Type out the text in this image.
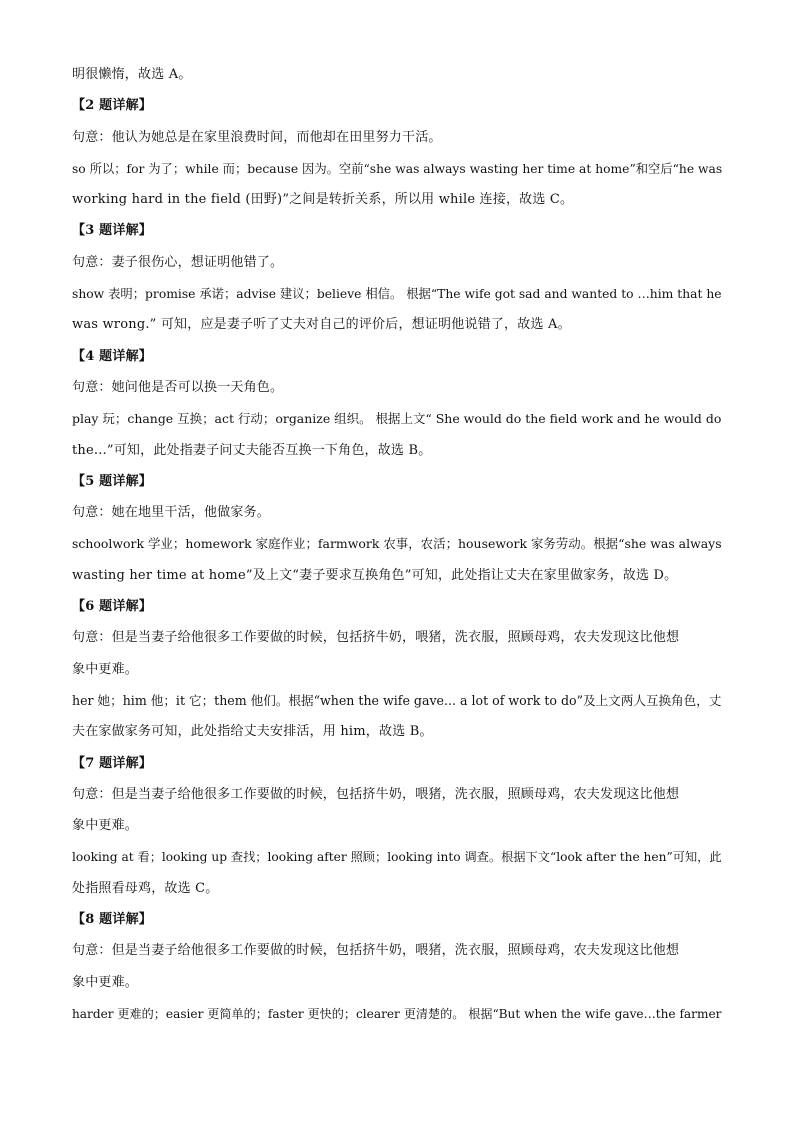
明很懒惰，故选 A。
【2 题详解】
句意：他认为她总是在家里浪费时间，而他却在田里努力干活。
so 所以；for 为了；while 而；because 因为。空前“she was always wasting her time at home”和空后“he was
working hard in the field (田野)”之间是转折关系，所以用 while 连接，故选 C。
【3 题详解】
句意：妻子很伤心，想证明他错了。
show 表明；promise 承诺；advise 建议；believe 相信。 根据“The wife got sad and wanted to …him that he
was wrong.” 可知，应是妻子听了丈夫对自己的评价后，想证明他说错了，故选 A。
【4 题详解】
句意：她问他是否可以换一天角色。
play 玩；change 互换；act 行动；organize 组织。 根据上文“ She would do the field work and he would do
the...”可知，此处指妻子问丈夫能否互换一下角色，故选 B。
【5 题详解】
句意：她在地里干活，他做家务。
schoolwork 学业；homework 家庭作业；farmwork 农事，农活；housework 家务劳动。根据“she was always
wasting her time at home”及上文“妻子要求互换角色”可知，此处指让丈夫在家里做家务，故选 D。
【6 题详解】
句意：但是当妻子给他很多工作要做的时候，包括挤牛奶，喂猪，洗衣服，照顾母鸡，农夫发现这比他想
象中更难。
her 她；him 他；it 它；them 他们。根据“when the wife gave... a lot of work to do”及上文两人互换角色，丈
夫在家做家务可知，此处指给丈夫安排活，用 him，故选 B。
【7 题详解】
句意：但是当妻子给他很多工作要做的时候，包括挤牛奶，喂猪，洗衣服，照顾母鸡，农夫发现这比他想
象中更难。
looking at 看；looking up 查找；looking after 照顾；looking into 调查。根据下文“look after the hen”可知，此
处指照看母鸡，故选 C。
【8 题详解】
句意：但是当妻子给他很多工作要做的时候，包括挤牛奶，喂猪，洗衣服，照顾母鸡，农夫发现这比他想
象中更难。
harder 更难的；easier 更简单的；faster 更快的；clearer 更清楚的。 根据“But when the wife gave…the farmer
